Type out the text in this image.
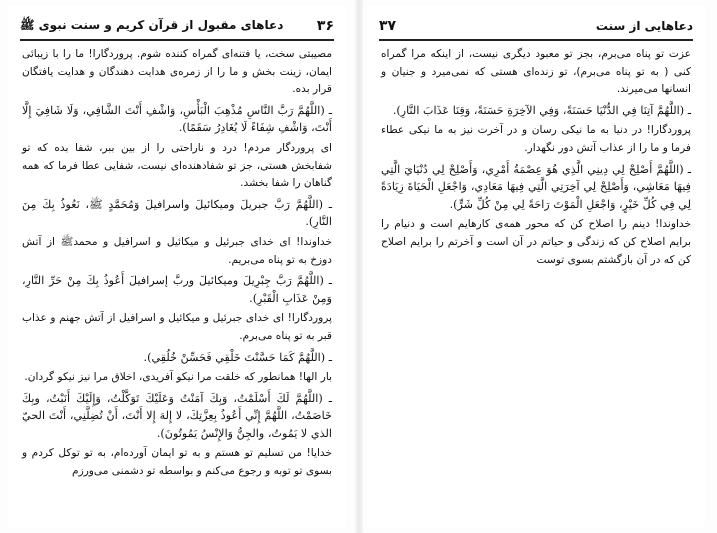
دعاهای مقبول از قرآن کریم و سنت نبوی ﷺ ۳۶

مصیبتی سخت، یا فتنه‌ای گمراه کننده شوم. پروردگارا! ما را با زیبائی ایمان، زینت بخش و ما را از زمره‌ی هدایت دهندگان و هدایت یافتگان قرار بده.

ـ (اللَّهُمَّ رَبَّ النَّاسِ مُذْهِبَ الْبَأْسِ، وَاشْفِ أَنْتَ الشَّافِي، وَلَا شَافِيَ إِلَّا أَنْتَ، وَاشْفِ شِفَاءً لَا يُغَادِرُ سَقَمًا).

ای پروردگار مردم! درد و ناراحتی را از بین ببر، شفا بده که تو شفابخش هستی، جز تو شفادهنده‌ای نیست، شفایی عطا فرما که همه گناهان را شفا بخشد.

ـ (اللَّهُمَّ رَبَّ جبريلَ وميكائيلَ واسرافيلَ وَمُحَمَّدٍ ﷺ، نَعُوذُ بِكَ مِنَ النَّارِ).

خداوندا! ای خدای جبرئیل و میکائیل و اسرافیل و محمدﷺ از آتش دوزخ به تو پناه می‌بریم.

ـ (اللَّهُمَّ رَبَّ جِبْرِيلَ وميكائيلَ وربَّ إسرافيلَ أَعُوذُ بِكَ مِنْ حَرِّ النَّارِ، وَمِنْ عَذَابِ الْقَبْرِ).

پروردگارا! ای خدای جبرئیل و میکائیل و اسرافیل از آتش جهنم و عذاب قبر به تو پناه می‌برم.

ـ (اللَّهُمَّ كَمَا حَسَّنْتَ خَلْقِي فَحَسِّنْ خُلُقِي).

بار الها! همانطور که خلقت مرا نیکو آفریدی، اخلاق مرا نیز نیکو گردان.

ـ (اللَّهُمَّ لَكَ أَسْلَمْتُ، وَبِكَ آمَنْتُ وَعَلَيْكَ تَوَكَّلْتُ، وَإِلَيْكَ أَنَبْتُ، وبِكَ خَاصَمْتُ، اللَّهُمَّ إِنِّي أَعُوذُ بِعِزَّتِكَ، لا إِلهَ إِلا أَنْتَ، أَنْ تُضِلَّنِي، أَنْتَ الحيّ الذي لا يَمُوتُ، والجِنُّ وَالإِنْسُ يَمُوتُونَ).

خدایا! من تسلیم تو هستم و به تو ایمان آورده‌ام، به تو توکل کردم و بسوی تو توبه و رجوع می‌کنم و بواسطه تو دشمنی می‌ورزم

۳۷	دعاهایی از سنت

عزت تو پناه می‌برم، بجز تو معبود دیگری نیست، از اینکه مرا گمراه کنی ( به تو پناه می‌برم)، تو زنده‌ای هستی که نمی‌میرد و جنیان و انسانها می‌میرند.

ـ (اللَّهُمَّ آتِنَا فِي الدُّنْيَا حَسَنَةً، وَفِي الآخِرَةِ حَسَنَةً، وَقِنَا عَذَابَ النَّارِ).

پروردگارا! در دنیا به ما نیکی رسان و در آخرت نیز به ما نیکی عطاء فرما و ما را از عذاب آتش دور نگهدار.

ـ (اللَّهُمَّ أَصْلِحْ لِي دِينِي الَّذِي هُوَ عِصْمَةُ أَمْرِي، وَأَصْلِحْ لِي دُنْيَايَ الَّتِي فِيهَا مَعَاشِي، وَأَصْلِحْ لِي آخِرَتِي الَّتِي فِيهَا مَعَادِي، وَاجْعَلِ الْحَيَاةَ زِيَادَةً لِي فِي كُلِّ خَيْرٍ، وَاجْعَلِ الْمَوْتَ رَاحَةً لِي مِنْ كُلِّ شَرٍّ).

خداوندا! دینم را اصلاح کن که محور همه‌ی کارهایم است و دنیام را برایم اصلاح کن که زندگی و حیاتم در آن است و آخرتم را برایم اصلاح کن که در آن بازگشتم بسوی توست
